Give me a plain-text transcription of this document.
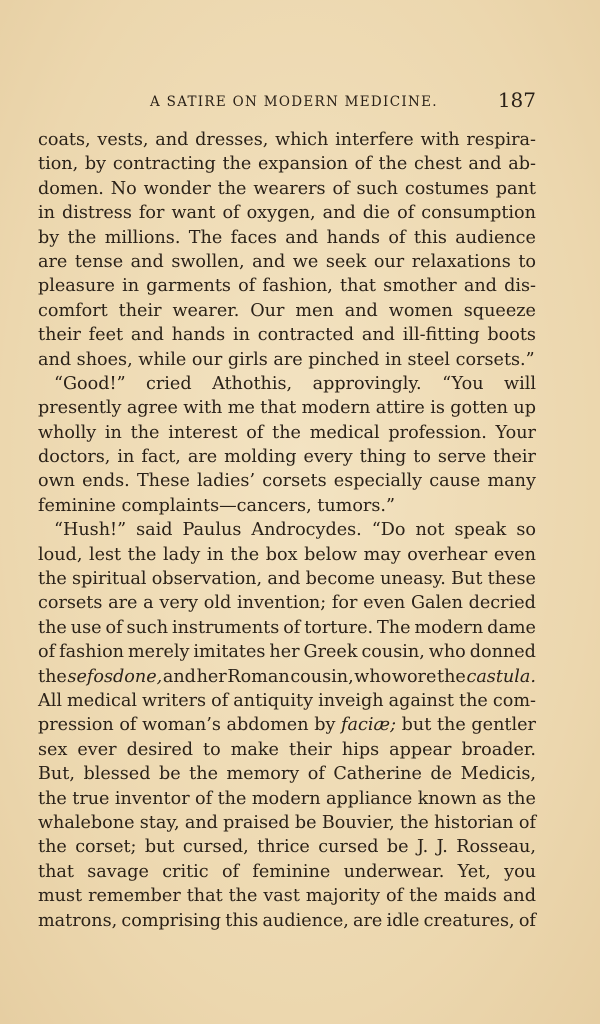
A SATIRE ON MODERN MEDICINE.	187
coats, vests, and dresses, which interfere with respira-
tion, by contracting the expansion of the chest and ab-
domen. No wonder the wearers of such costumes pant
in distress for want of oxygen, and die of consumption
by the millions. The faces and hands of this audience
are tense and swollen, and we seek our relaxations to
pleasure in garments of fashion, that smother and dis-
comfort their wearer. Our men and women squeeze
their feet and hands in contracted and ill-fitting boots
and shoes, while our girls are pinched in steel corsets.”
“Good!” cried Athothis, approvingly. “You will
presently agree with me that modern attire is gotten up
wholly in the interest of the medical profession. Your
doctors, in fact, are molding every thing to serve their
own ends. These ladies’ corsets especially cause many
feminine complaints—cancers, tumors.”
“Hush!” said Paulus Androcydes. “Do not speak so
loud, lest the lady in the box below may overhear even
the spiritual observation, and become uneasy. But these
corsets are a very old invention; for even Galen decried
the use of such instruments of torture. The modern dame
of fashion merely imitates her Greek cousin, who donned
the sefosdone, and her Roman cousin, who wore the castula.
All medical writers of antiquity inveigh against the com-
pression of woman’s abdomen by faciæ; but the gentler
sex ever desired to make their hips appear broader.
But, blessed be the memory of Catherine de Medicis,
the true inventor of the modern appliance known as the
whalebone stay, and praised be Bouvier, the historian of
the corset; but cursed, thrice cursed be J. J. Rosseau,
that savage critic of feminine underwear. Yet, you
must remember that the vast majority of the maids and
matrons, comprising this audience, are idle creatures, of
